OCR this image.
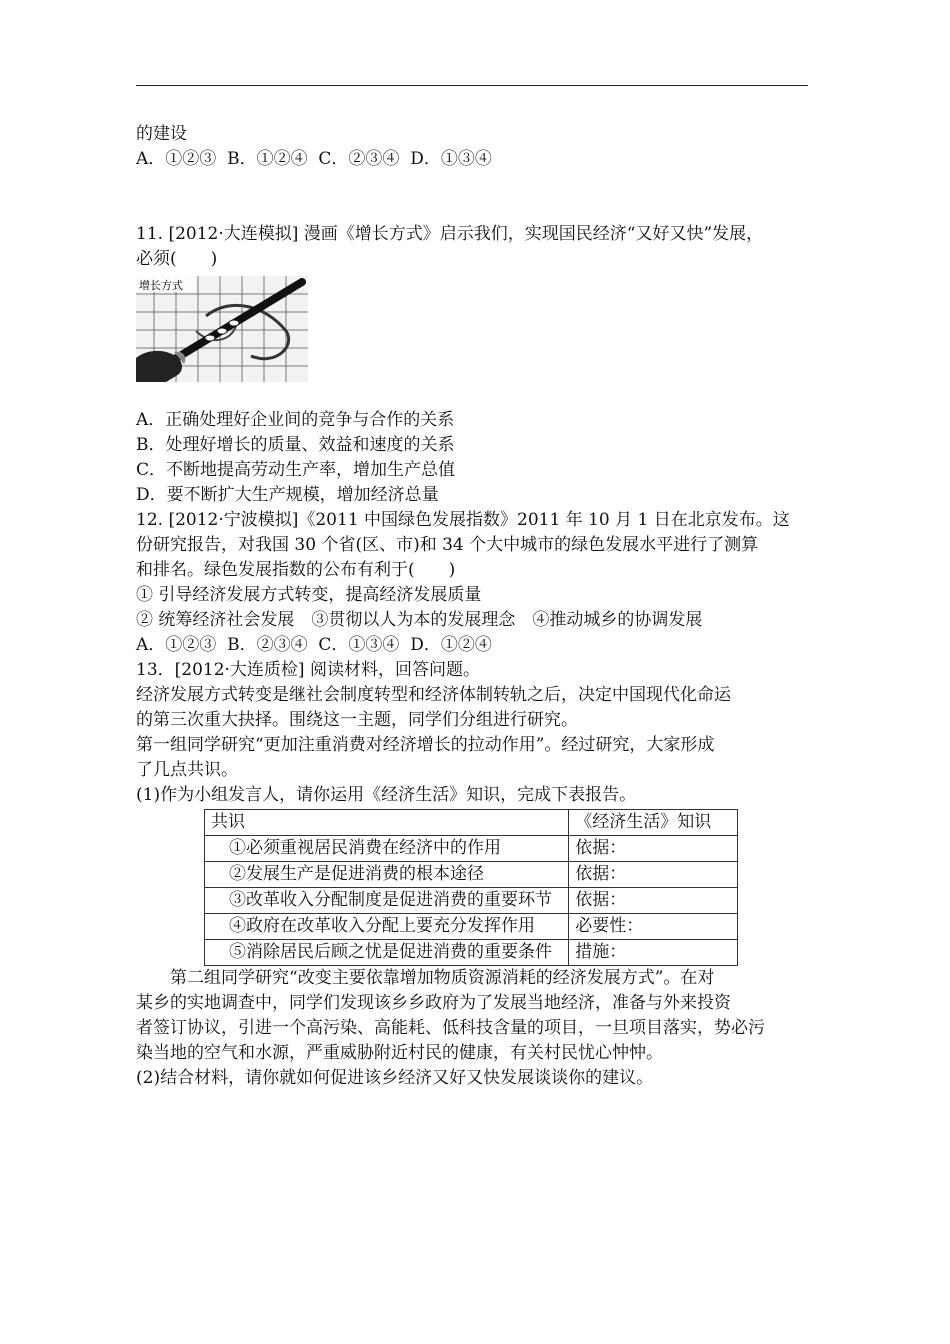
的建设

A．①②③  B．①②④  C．②③④  D．①③④

11. [2012·大连模拟] 漫画《增长方式》启示我们，实现国民经济“又好又快”发展，

必须(　　)

增长方式

A．正确处理好企业间的竞争与合作的关系

B．处理好增长的质量、效益和速度的关系

C．不断地提高劳动生产率，增加生产总值

D．要不断扩大生产规模，增加经济总量

12. [2012·宁波模拟]《2011 中国绿色发展指数》2011 年 10 月 1 日在北京发布。这

份研究报告，对我国 30 个省(区、市)和 34 个大中城市的绿色发展水平进行了测算

和排名。绿色发展指数的公布有利于(　　)

① 引导经济发展方式转变，提高经济发展质量

② 统筹经济社会发展　③贯彻以人为本的发展理念　④推动城乡的协调发展

A．①②③  B．②③④  C．①③④  D．①②④

13．[2012·大连质检] 阅读材料，回答问题。

经济发展方式转变是继社会制度转型和经济体制转轨之后，决定中国现代化命运

的第三次重大抉择。围绕这一主题，同学们分组进行研究。

第一组同学研究“更加注重消费对经济增长的拉动作用”。经过研究，大家形成

了几点共识。

(1)作为小组发言人，请你运用《经济生活》知识，完成下表报告。

共识	《经济生活》知识
①必须重视居民消费在经济中的作用	依据：
②发展生产是促进消费的根本途径	依据：
③改革收入分配制度是促进消费的重要环节	依据：
④政府在改革收入分配上要充分发挥作用	必要性：
⑤消除居民后顾之忧是促进消费的重要条件	措施：

第二组同学研究“改变主要依靠增加物质资源消耗的经济发展方式”。在对

某乡的实地调查中，同学们发现该乡乡政府为了发展当地经济，准备与外来投资

者签订协议，引进一个高污染、高能耗、低科技含量的项目，一旦项目落实，势必污

染当地的空气和水源，严重威胁附近村民的健康，有关村民忧心忡忡。

(2)结合材料，请你就如何促进该乡经济又好又快发展谈谈你的建议。
